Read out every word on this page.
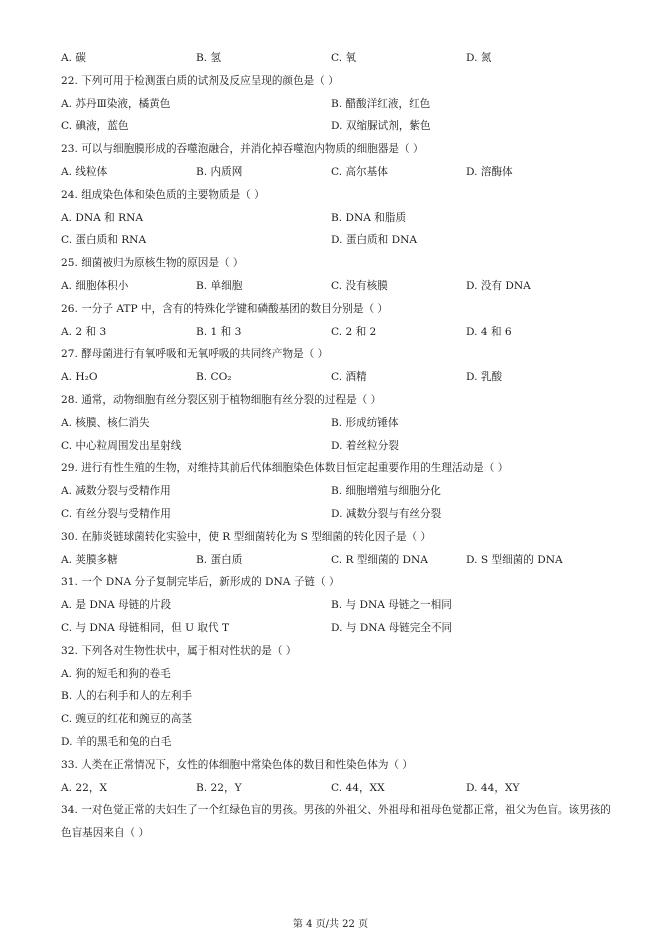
A. 碳	B. 氢	C. 氧	D. 氮
22. 下列可用于检测蛋白质的试剂及反应呈现的颜色是（ ）
A. 苏丹Ⅲ染液，橘黄色	B. 醋酸洋红液，红色
C. 碘液，蓝色	D. 双缩脲试剂，紫色
23. 可以与细胞膜形成的吞噬泡融合，并消化掉吞噬泡内物质的细胞器是（ ）
A. 线粒体	B. 内质网	C. 高尔基体	D. 溶酶体
24. 组成染色体和染色质的主要物质是（ ）
A. DNA 和 RNA	B. DNA 和脂质
C. 蛋白质和 RNA	D. 蛋白质和 DNA
25. 细菌被归为原核生物的原因是（ ）
A. 细胞体积小	B. 单细胞	C. 没有核膜	D. 没有 DNA
26. 一分子 ATP 中，含有的特殊化学键和磷酸基团的数目分别是（ ）
A. 2 和 3	B. 1 和 3	C. 2 和 2	D. 4 和 6
27. 酵母菌进行有氧呼吸和无氧呼吸的共同终产物是（ ）
A. H₂O	B. CO₂	C. 酒精	D. 乳酸
28. 通常，动物细胞有丝分裂区别于植物细胞有丝分裂的过程是（ ）
A. 核膜、核仁消失	B. 形成纺锤体
C. 中心粒周围发出星射线	D. 着丝粒分裂
29. 进行有性生殖的生物，对维持其前后代体细胞染色体数目恒定起重要作用的生理活动是（ ）
A. 减数分裂与受精作用	B. 细胞增殖与细胞分化
C. 有丝分裂与受精作用	D. 减数分裂与有丝分裂
30. 在肺炎链球菌转化实验中，使 R 型细菌转化为 S 型细菌的转化因子是（ ）
A. 荚膜多糖	B. 蛋白质	C. R 型细菌的 DNA	D. S 型细菌的 DNA
31. 一个 DNA 分子复制完毕后，新形成的 DNA 子链（ ）
A. 是 DNA 母链的片段	B. 与 DNA 母链之一相同
C. 与 DNA 母链相同，但 U 取代 T	D. 与 DNA 母链完全不同
32. 下列各对生物性状中，属于相对性状的是（ ）
A. 狗的短毛和狗的卷毛
B. 人的右利手和人的左利手
C. 豌豆的红花和豌豆的高茎
D. 羊的黑毛和兔的白毛
33. 人类在正常情况下，女性的体细胞中常染色体的数目和性染色体为（ ）
A. 22，X	B. 22，Y	C. 44，XX	D. 44，XY
34. 一对色觉正常的夫妇生了一个红绿色盲的男孩。男孩的外祖父、外祖母和祖母色觉都正常，祖父为色盲。该男孩的色盲基因来自（ ）
第 4 页/共 22 页
